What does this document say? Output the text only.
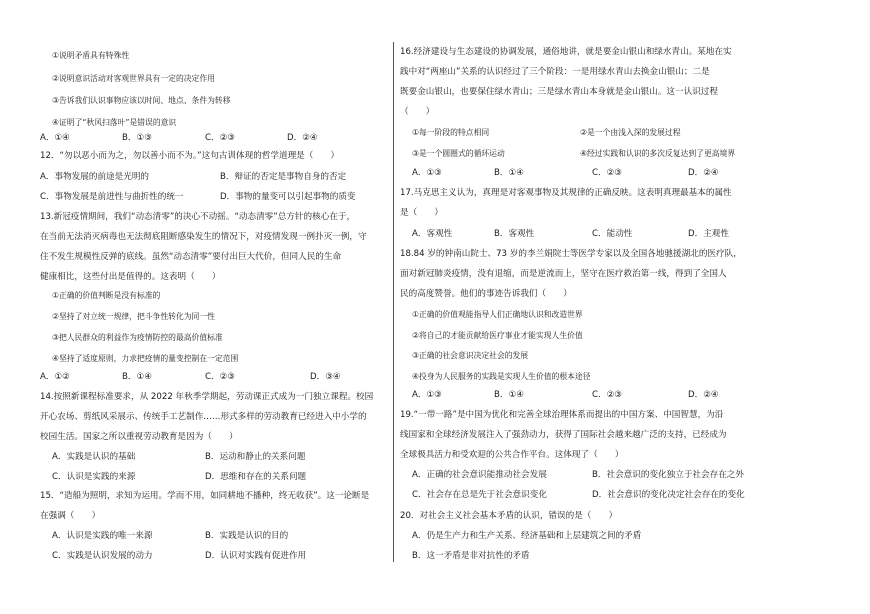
①说明矛盾具有特殊性
②说明意识活动对客观世界具有一定的决定作用
③告诉我们认识事物应该以时间、地点、条件为转移
④证明了“秋风扫落叶”是错误的意识
A．①④	B．①③	C．②③	D．②④
12．“勿以恶小而为之，勿以善小而不为。”这句古训体现的哲学道理是（　　）
A．事物发展的前途是光明的	B．辩证的否定是事物自身的否定
C．事物发展是前进性与曲折性的统一	D．事物的量变可以引起事物的质变
13.新冠疫情期间，我们“动态清零”的决心不动摇。“动态清零”总方针的核心在于，
在当前无法消灭病毒也无法彻底阻断感染发生的情况下，对疫情发现一例扑灭一例，守
住不发生规模性反弹的底线。虽然“动态清零”要付出巨大代价，但同人民的生命
健康相比，这些付出是值得的。这表明（　　）
①正确的价值判断是没有标准的
②坚持了对立统一规律，把斗争性转化为同一性
③把人民群众的利益作为疫情防控的最高价值标准
④坚持了适度原则，力求把疫情的量变控制在一定范围
A．①②	B．①④	C．②③	D．③④
14.按照新课程标准要求，从 2022 年秋季学期起，劳动课正式成为一门独立课程。校园
开心农场、剪纸风采展示、传统手工艺制作……形式多样的劳动教育已经进入中小学的
校园生活。国家之所以重视劳动教育是因为（　　）
A．实践是认识的基础	B．运动和静止的关系问题
C．认识是实践的来源	D．思维和存在的关系问题
15．“造船为照明，求知为运用。学而不用，如同耕地不播种，终无收获”。这一论断是
在强调（　　）
A．认识是实践的唯一来源	B．实践是认识的目的
C．实践是认识发展的动力	D．认识对实践有促进作用
16.经济建设与生态建设的协调发展，通俗地讲，就是要金山银山和绿水青山。某地在实
践中对“两座山”关系的认识经过了三个阶段：一是用绿水青山去换金山银山；二是
既要金山银山，也要保住绿水青山；三是绿水青山本身就是金山银山。这一认识过程
（　　）
①每一阶段的特点相同	②是一个由浅入深的发展过程
③是一个圆圈式的循环运动	④经过实践和认识的多次反复达到了更高境界
A．①③	B．①④	C．②③	D．②④
17.马克思主义认为，真理是对客观事物及其规律的正确反映。这表明真理最基本的属性
是（　　）
A．客观性	B．客观性	C．能动性	D．主观性
18.84 岁的钟南山院士、73 岁的李兰娟院士等医学专家以及全国各地驰援湖北的医疗队，
面对新冠肺炎疫情，没有退缩，而是逆流而上，坚守在医疗救治第一线，得到了全国人
民的高度赞誉。他们的事迹告诉我们（　　）
①正确的价值观能指导人们正确地认识和改造世界
②将自己的才能贡献给医疗事业才能实现人生价值
③正确的社会意识决定社会的发展
④投身为人民服务的实践是实现人生价值的根本途径
A．①③	B．①④	C．②③	D．②④
19.“一带一路”是中国为优化和完善全球治理体系而提出的中国方案、中国智慧，为沿
线国家和全球经济发展注入了强劲动力，获得了国际社会越来越广泛的支持，已经成为
全球极具活力和受欢迎的公共合作平台。这体现了（　　）
A．正确的社会意识能推动社会发展	B．社会意识的变化独立于社会存在之外
C．社会存在总是先于社会意识变化	D．社会意识的变化决定社会存在的变化
20．对社会主义社会基本矛盾的认识，错误的是（　　）
A．仍是生产力和生产关系、经济基础和上层建筑之间的矛盾
B．这一矛盾是非对抗性的矛盾
